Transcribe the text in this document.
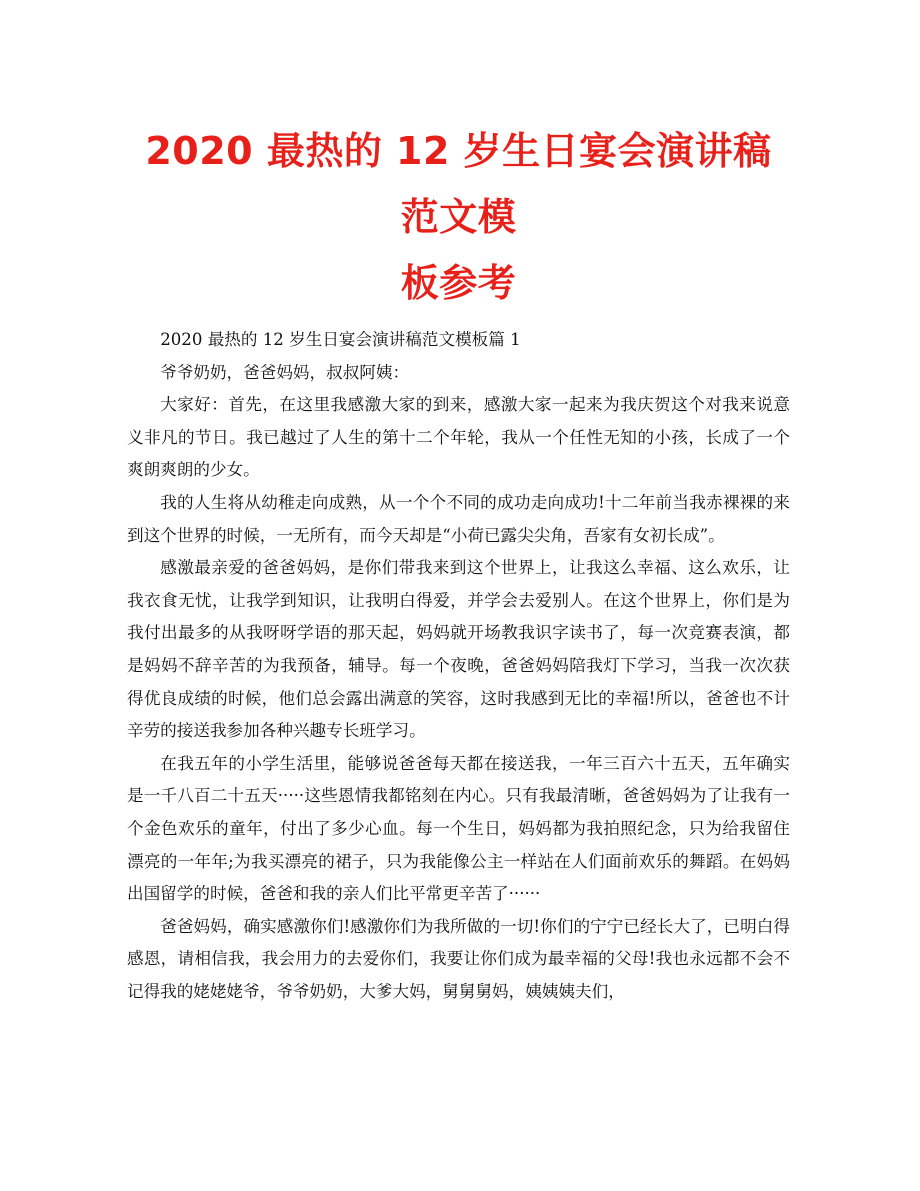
2020 最热的 12 岁生日宴会演讲稿范文模
板参考

2020 最热的 12 岁生日宴会演讲稿范文模板篇 1

爷爷奶奶，爸爸妈妈，叔叔阿姨：

大家好：首先，在这里我感激大家的到来，感激大家一起来为我庆贺这个对我来说意义非凡的节日。我已越过了人生的第十二个年轮，我从一个任性无知的小孩，长成了一个爽朗爽朗的少女。

我的人生将从幼稚走向成熟，从一个个不同的成功走向成功!十二年前当我赤裸裸的来到这个世界的时候，一无所有，而今天却是“小荷已露尖尖角，吾家有女初长成”。

感激最亲爱的爸爸妈妈，是你们带我来到这个世界上，让我这么幸福、这么欢乐，让我衣食无忧，让我学到知识，让我明白得爱，并学会去爱别人。在这个世界上，你们是为我付出最多的从我呀呀学语的那天起，妈妈就开场教我识字读书了，每一次竞赛表演，都是妈妈不辞辛苦的为我预备，辅导。每一个夜晚，爸爸妈妈陪我灯下学习，当我一次次获得优良成绩的时候，他们总会露出满意的笑容，这时我感到无比的幸福!所以，爸爸也不计辛劳的接送我参加各种兴趣专长班学习。

在我五年的小学生活里，能够说爸爸每天都在接送我，一年三百六十五天，五年确实是一千八百二十五天·····这些恩情我都铭刻在内心。只有我最清晰，爸爸妈妈为了让我有一个金色欢乐的童年，付出了多少心血。每一个生日，妈妈都为我拍照纪念，只为给我留住漂亮的一年年;为我买漂亮的裙子，只为我能像公主一样站在人们面前欢乐的舞蹈。在妈妈出国留学的时候，爸爸和我的亲人们比平常更辛苦了······

爸爸妈妈，确实感激你们!感激你们为我所做的一切!你们的宁宁已经长大了，已明白得感恩，请相信我，我会用力的去爱你们，我要让你们成为最幸福的父母!我也永远都不会不记得我的姥姥姥爷，爷爷奶奶，大爹大妈，舅舅舅妈，姨姨姨夫们，
